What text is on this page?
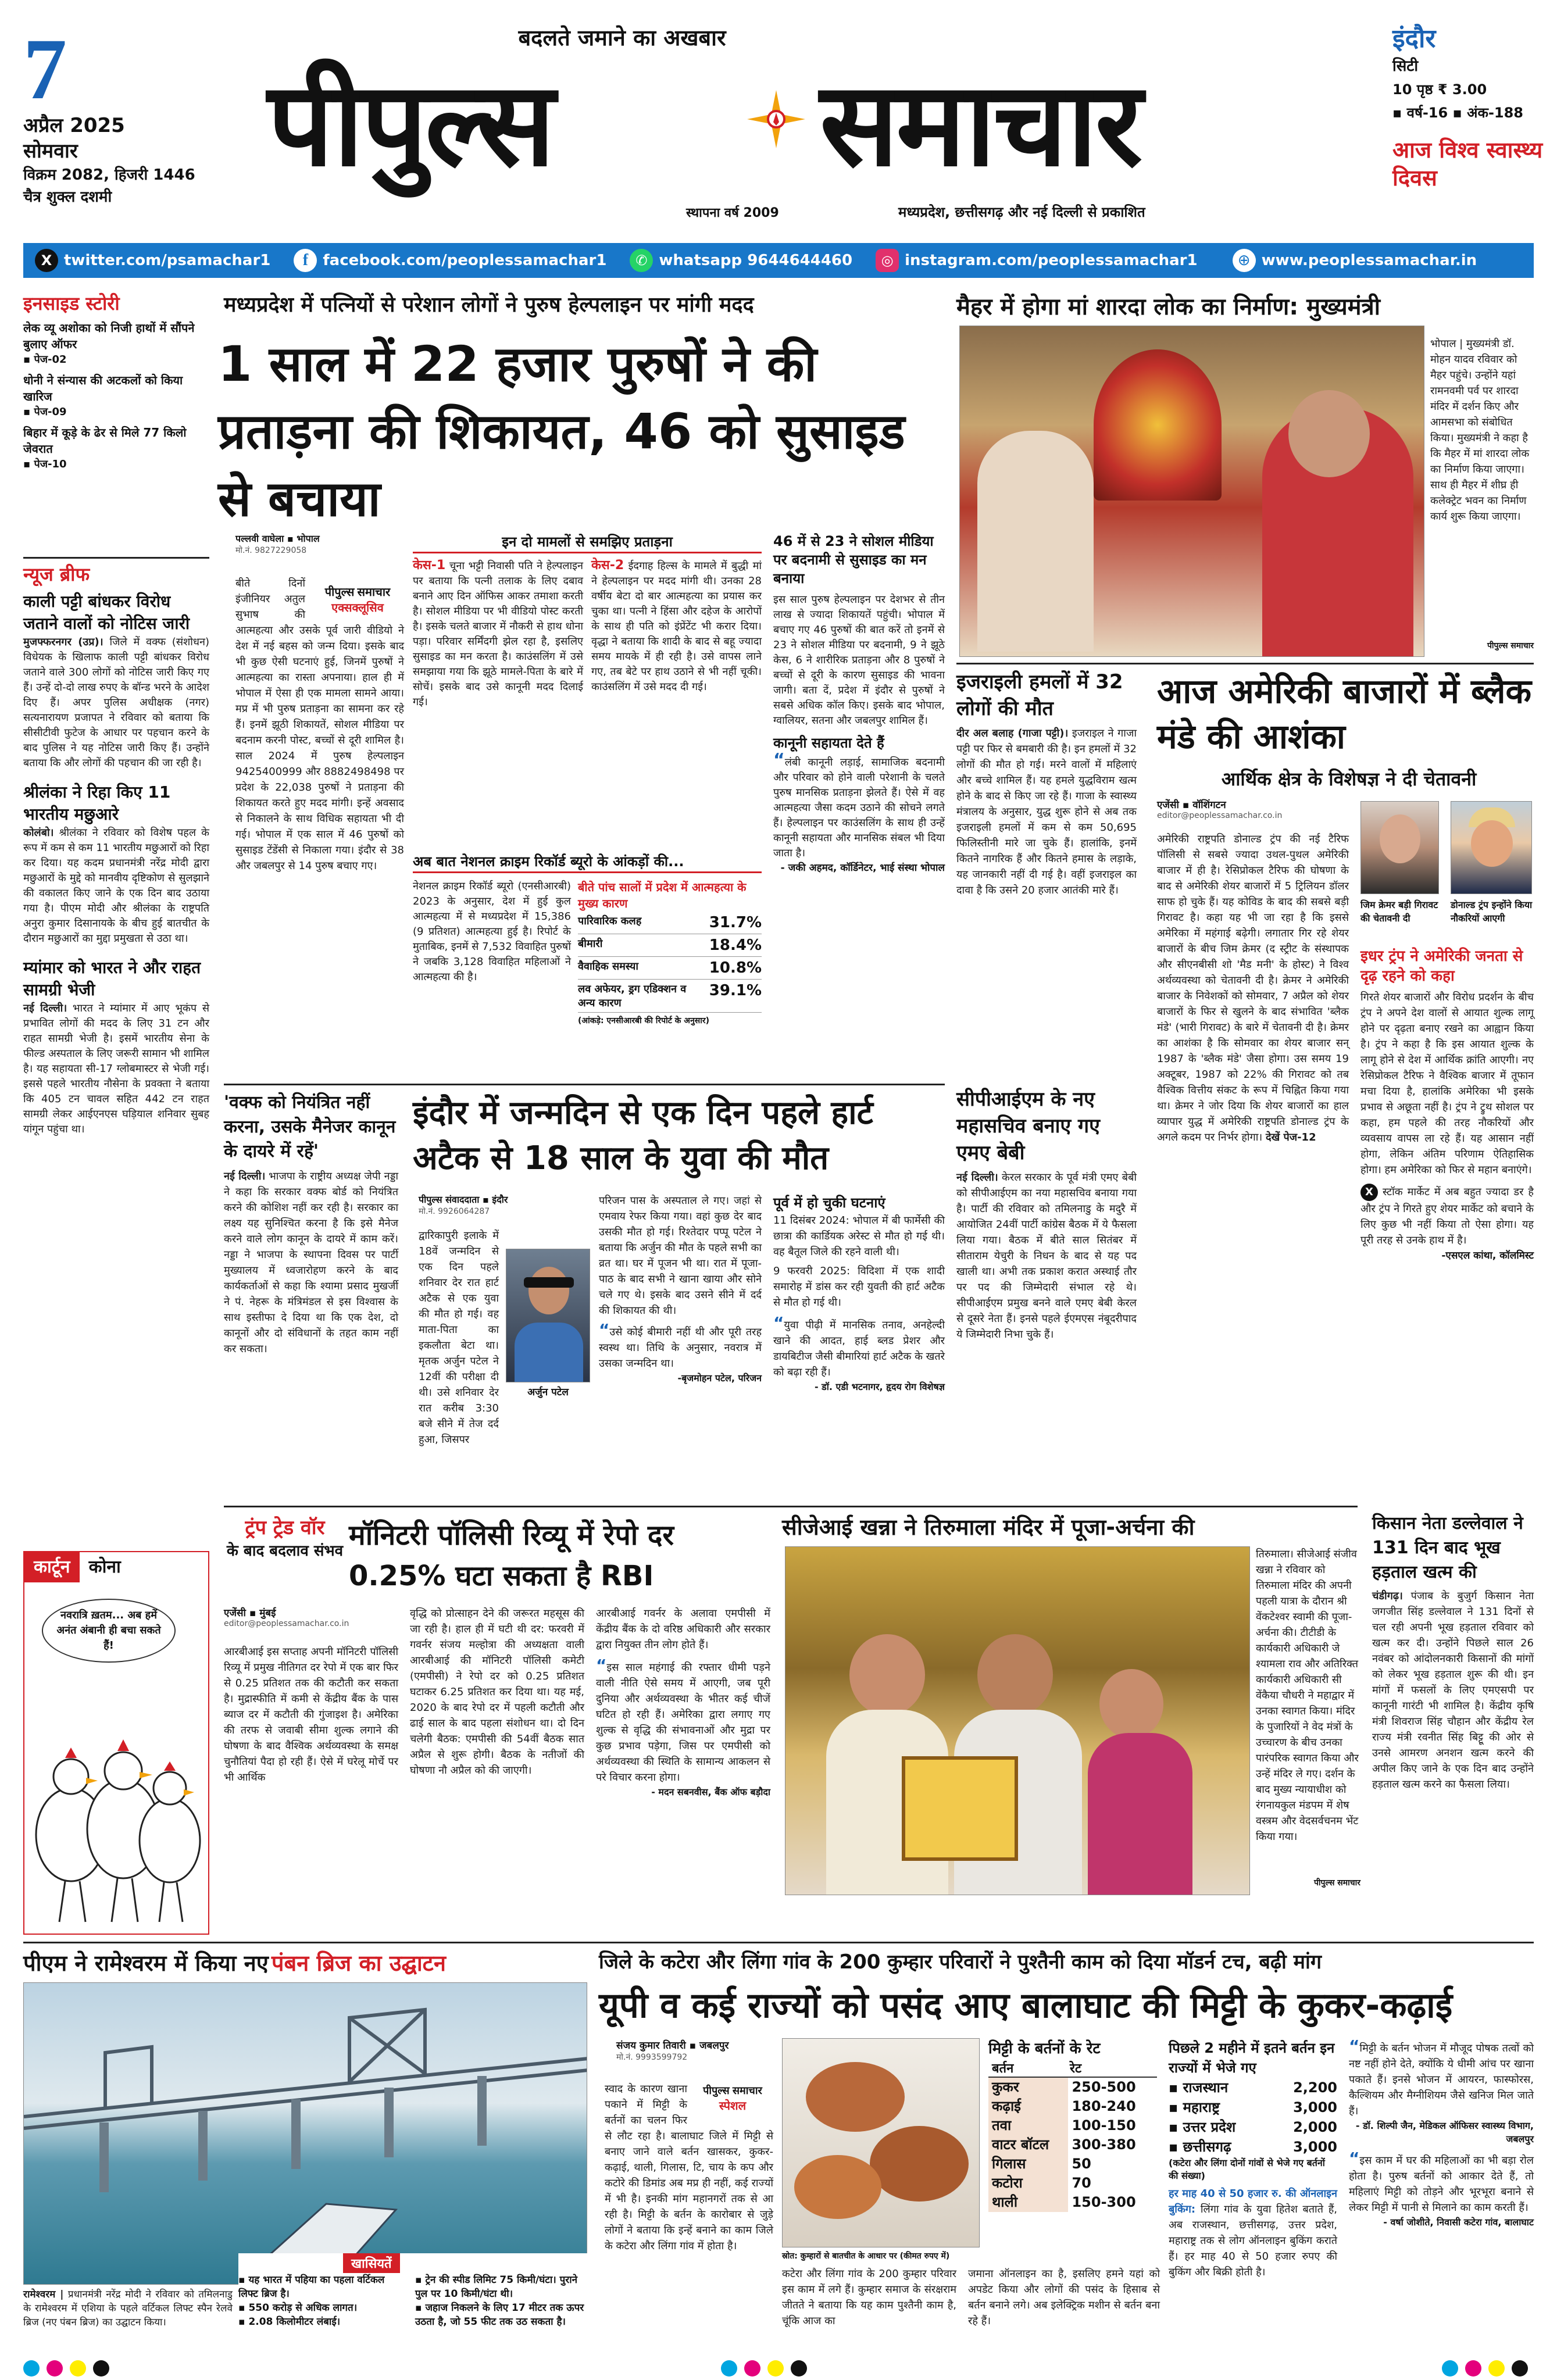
7
अप्रैल 2025
सोमवार
विक्रम 2082, हिजरी 1446
चैत्र शुक्ल दशमी
बदलते जमाने का अखबार
पीपुल्स समाचार
स्थापना वर्ष 2009	मध्यप्रदेश, छत्तीसगढ़ और नई दिल्ली से प्रकाशित
इंदौर
सिटी
10 पृष्ठ ₹ 3.00
▪ वर्ष-16 ▪ अंक-188
आज विश्व स्वास्थ्य दिवस
X twitter.com/psamachar1	f facebook.com/peoplessamachar1	✆ whatsapp 9644644460	◎ instagram.com/peoplessamachar1	⊕ www.peoplessamachar.in
इनसाइड स्टोरी
लेक व्यू अशोका को निजी हाथों में सौंपने बुलाए ऑफर
▪ पेज-02
धोनी ने संन्यास की अटकलों को किया खारिज
▪ पेज-09
बिहार में कूड़े के ढेर से मिले 77 किलो जेवरात
▪ पेज-10
न्यूज ब्रीफ
काली पट्टी बांधकर विरोध जताने वालों को नोटिस जारी

मुजफ्फरनगर (उप्र)। जिले में वक्फ (संशोधन) विधेयक के खिलाफ काली पट्टी बांधकर विरोध जताने वाले 300 लोगों को नोटिस जारी किए गए हैं। उन्हें दो-दो लाख रुपए के बॉन्ड भरने के आदेश दिए हैं। अपर पुलिस अधीक्षक (नगर) सत्यनारायण प्रजापत ने रविवार को बताया कि सीसीटीवी फुटेज के आधार पर पहचान करने के बाद पुलिस ने यह नोटिस जारी किए हैं। उन्होंने बताया कि और लोगों की पहचान की जा रही है।

श्रीलंका ने रिहा किए 11 भारतीय मछुआरे

कोलंबो। श्रीलंका ने रविवार को विशेष पहल के रूप में कम से कम 11 भारतीय मछुआरों को रिहा कर दिया। यह कदम प्रधानमंत्री नरेंद्र मोदी द्वारा मछुआरों के मुद्दे को मानवीय दृष्टिकोण से सुलझाने की वकालत किए जाने के एक दिन बाद उठाया गया है। पीएम मोदी और श्रीलंका के राष्ट्रपति अनुरा कुमार दिसानायके के बीच हुई बातचीत के दौरान मछुआरों का मुद्दा प्रमुखता से उठा था।

म्यांमार को भारत ने और राहत सामग्री भेजी

नई दिल्ली। भारत ने म्यांमार में आए भूकंप से प्रभावित लोगों की मदद के लिए 31 टन और राहत सामग्री भेजी है। इसमें भारतीय सेना के फील्ड अस्पताल के लिए जरूरी सामान भी शामिल है। यह सहायता सी-17 ग्लोबमास्टर से भेजी गई। इससे पहले भारतीय नौसेना के प्रवक्ता ने बताया कि 405 टन चावल सहित 442 टन राहत सामग्री लेकर आईएनएस घड़ियाल शनिवार सुबह यांगून पहुंचा था।

कार्टून	कोना
नवरात्रि ख़तम... अब हमें अनंत अंबानी ही बचा सकते हैं!
मध्यप्रदेश में पत्नियों से परेशान लोगों ने पुरुष हेल्पलाइन पर मांगी मदद
1 साल में 22 हजार पुरुषों ने की प्रताड़ना की शिकायत, 46 को सुसाइड से बचाया
पल्लवी वाघेला ▪ भोपाल
मो.नं. 9827229058
पीपुल्स समाचार
एक्सक्लूसिव

बीते दिनों इंजीनियर अतुल सुभाष की आत्महत्या और उसके पूर्व जारी वीडियो ने देश में नई बहस को जन्म दिया। इसके बाद भी कुछ ऐसी घटनाएं हुई, जिनमें पुरुषों ने आत्महत्या का रास्ता अपनाया। हाल ही में भोपाल में ऐसा ही एक मामला सामने आया। मप्र में भी पुरुष प्रताड़ना का सामना कर रहे हैं। इनमें झूठी शिकायतें, सोशल मीडिया पर बदनाम करनी पोस्ट, बच्चों से दूरी शामिल है। साल 2024 में पुरुष हेल्पलाइन 9425400999 और 8882498498 पर प्रदेश के 22,038 पुरुषों ने प्रताड़ना की शिकायत करते हुए मदद मांगी। इन्हें अवसाद से निकालने के साथ विधिक सहायता भी दी गई। भोपाल में एक साल में 46 पुरुषों को सुसाइड टेंडेंसी से निकाला गया। इंदौर से 38 और जबलपुर से 14 पुरुष बचाए गए।

इन दो मामलों से समझिए प्रताड़ना

केस-1 चूना भट्टी निवासी पति ने हेल्पलाइन पर बताया कि पत्नी तलाक के लिए दबाव बनाने आए दिन ऑफिस आकर तमाशा करती है। सोशल मीडिया पर भी वीडियो पोस्ट करती है। इसके चलते बाजार में नौकरी से हाथ धोना पड़ा। परिवार सर्मिंदगी झेल रहा है, इसलिए सुसाइड का मन करता है। काउंसलिंग में उसे समझाया गया कि झूठे मामले-पिता के बारे में सोचें। इसके बाद उसे कानूनी मदद दिलाई गई।

केस-2 ईदगाह हिल्स के मामले में बुद्धी मां ने हेल्पलाइन पर मदद मांगी थी। उनका 28 वर्षीय बेटा दो बार आत्महत्या का प्रयास कर चुका था। पत्नी ने हिंसा और दहेज के आरोपों के साथ ही पति को इंप्रेंटेंट भी करार दिया। वृद्धा ने बताया कि शादी के बाद से बहू ज्यादा समय मायके में ही रही है। उसे वापस लाने गए, तब बेटे पर हाथ उठाने से भी नहीं चूकी। काउंसलिंग में उसे मदद दी गई।

अब बात नेशनल क्राइम रिकॉर्ड ब्यूरो के आंकड़ों की...

नेशनल क्राइम रिकॉर्ड ब्यूरो (एनसीआरबी) 2023 के अनुसार, देश में हुई कुल आत्महत्या में से मध्यप्रदेश में 15,386 (9 प्रतिशत) आत्महत्या हुई है। रिपोर्ट के मुताबिक, इनमें से 7,532 विवाहित पुरुषों ने जबकि 3,128 विवाहित महिलाओं ने आत्महत्या की है।

बीते पांच सालों में प्रदेश में आत्महत्या के मुख्य कारण
पारिवारिक कलह	31.7%
बीमारी	18.4%
वैवाहिक समस्या	10.8%
लव अफेयर, ड्रग एडिक्शन व अन्य कारण
39.1%
(आंकड़े: एनसीआरबी की रिपोर्ट के अनुसार)
46 में से 23 ने सोशल मीडिया पर बदनामी से सुसाइड का मन बनाया

इस साल पुरुष हेल्पलाइन पर देशभर से तीन लाख से ज्यादा शिकायतें पहुंची। भोपाल में बचाए गए 46 पुरुषों की बात करें तो इनमें से 23 ने सोशल मीडिया पर बदनामी, 9 ने झूठे केस, 6 ने शारीरिक प्रताड़ना और 8 पुरुषों ने बच्चों से दूरी के कारण सुसाइड की भावना जागी। बता दें, प्रदेश में इंदौर से पुरुषों ने सबसे अधिक कॉल किए। इसके बाद भोपाल, ग्वालियर, सतना और जबलपुर शामिल हैं।

कानूनी सहायता देते हैं

“लंबी कानूनी लड़ाई, सामाजिक बदनामी और परिवार को होने वाली परेशानी के चलते पुरुष मानसिक प्रताड़ना झेलते हैं। ऐसे में वह आत्महत्या जैसा कदम उठाने की सोचने लगते हैं। हेल्पलाइन पर काउंसलिंग के साथ ही उन्हें कानूनी सहायता और मानसिक संबल भी दिया जाता है।

- जकी अहमद, कॉर्डिनेटर, भाई संस्था भोपाल
मैहर में होगा मां शारदा लोक का निर्माण: मुख्यमंत्री

भोपाल | मुख्यमंत्री डॉ. मोहन यादव रविवार को मैहर पहुंचे। उन्होंने यहां रामनवमी पर्व पर शारदा मंदिर में दर्शन किए और आमसभा को संबोधित किया। मुख्यमंत्री ने कहा है कि मैहर में मां शारदा लोक का निर्माण किया जाएगा। साथ ही मैहर में शीघ्र ही कलेक्ट्रेट भवन का निर्माण कार्य शुरू किया जाएगा।

पीपुल्स समाचार
इजराइली हमलों में 32 लोगों की मौत

दीर अल बलाह (गाजा पट्टी)। इजराइल ने गाजा पट्टी पर फिर से बमबारी की है। इन हमलों में 32 लोगों की मौत हो गई। मरने वालों में महिलाएं और बच्चे शामिल हैं। यह हमले युद्धविराम खत्म होने के बाद से किए जा रहे हैं। गाजा के स्वास्थ्य मंत्रालय के अनुसार, युद्ध शुरू होने से अब तक इजराइली हमलों में कम से कम 50,695 फिलिस्तीनी मारे जा चुके हैं। हालांकि, इनमें कितने नागरिक हैं और कितने हमास के लड़ाके, यह जानकारी नहीं दी गई है। वहीं इजराइल का दावा है कि उसने 20 हजार आतंकी मारे हैं।

आज अमेरिकी बाजारों में ब्लैक मंडे की आशंका
आर्थिक क्षेत्र के विशेषज्ञ ने दी चेतावनी
एजेंसी ▪ वॉशिंगटन
editor@peoplessamachar.co.in

अमेरिकी राष्ट्रपति डोनाल्ड ट्रंप की नई टैरिफ पॉलिसी से सबसे ज्यादा उथल-पुथल अमेरिकी बाजार में ही है। रेसिप्रोकल टैरिफ की घोषणा के बाद से अमेरिकी शेयर बाजारों में 5 ट्रिलियन डॉलर साफ हो चुके हैं। यह कोविड के बाद की सबसे बड़ी गिरावट है। कहा यह भी जा रहा है कि इससे अमेरिका में महंगाई बढ़ेगी। लगातार गिर रहे शेयर बाजारों के बीच जिम क्रेमर (द स्ट्रीट के संस्थापक और सीएनबीसी शो 'मैड मनी' के होस्ट) ने विश्व अर्थव्यवस्था को चेतावनी दी है। क्रेमर ने अमेरिकी बाजार के निवेशकों को सोमवार, 7 अप्रैल को शेयर बाजारों के फिर से खुलने के बाद संभावित 'ब्लैक मंडे' (भारी गिरावट) के बारे में चेतावनी दी है। क्रेमर का आशंका है कि सोमवार का शेयर बाजार सन् 1987 के 'ब्लैक मंडे' जैसा होगा। उस समय 19 अक्टूबर, 1987 को 22% की गिरावट को तब वैश्विक वित्तीय संकट के रूप में चिह्नित किया गया था। क्रेमर ने जोर दिया कि शेयर बाजारों का हाल व्यापार युद्ध में अमेरिकी राष्ट्रपति डोनाल्ड ट्रंप के अगले कदम पर निर्भर होगा। देखें पेज-12

जिम क्रेमर बड़ी गिरावट की चेतावनी दी
डोनाल्ड ट्रंप इन्होंने किया नौकरियों आएगी
इधर ट्रंप ने अमेरिकी जनता से दृढ़ रहने को कहा

गिरते शेयर बाजारों और विरोध प्रदर्शन के बीच ट्रंप ने अपने देश वालों से आयात शुल्क लागू होने पर दृढ़ता बनाए रखने का आह्वान किया है। ट्रंप ने कहा है कि इस आयात शुल्क के लागू होने से देश में आर्थिक क्रांति आएगी। नए रेसिप्रोकल टैरिफ ने वैश्विक बाजार में तूफान मचा दिया है, हालांकि अमेरिका भी इसके प्रभाव से अछूता नहीं है। ट्रंप ने ट्रुथ सोशल पर कहा, हम पहले की तरह नौकरियों और व्यवसाय वापस ला रहे हैं। यह आसान नहीं होगा, लेकिन अंतिम परिणाम ऐतिहासिक होगा। हम अमेरिका को फिर से महान बनाएंगे।

X स्टॉक मार्केट में अब बहुत ज्यादा डर है और ट्रंप ने गिरते हुए शेयर मार्केट को बचाने के लिए कुछ भी नहीं किया तो ऐसा होगा। यह पूरी तरह से उनके हाथ में है।

-एसएल कांथा, कॉलमिस्ट
सीपीआईएम के नए महासचिव बनाए गए एमए बेबी

नई दिल्ली। केरल सरकार के पूर्व मंत्री एमए बेबी को सीपीआईएम का नया महासचिव बनाया गया है। पार्टी की रविवार को तमिलनाडु के मदुरै में आयोजित 24वीं पार्टी कांग्रेस बैठक में ये फैसला लिया गया। बैठक में बीते साल सितंबर में सीताराम येचुरी के निधन के बाद से यह पद खाली था। अभी तक प्रकाश करात अस्थाई तौर पर पद की जिम्मेदारी संभाल रहे थे। सीपीआईएम प्रमुख बनने वाले एमए बेबी केरल से दूसरे नेता हैं। इनसे पहले ईएमएस नंबूदरीपाद ये जिम्मेदारी निभा चुके हैं।

'वक्फ को नियंत्रित नहीं करना, उसके मैनेजर कानून के दायरे में रहें'

नई दिल्ली। भाजपा के राष्ट्रीय अध्यक्ष जेपी नड्डा ने कहा कि सरकार वक्फ बोर्ड को नियंत्रित करने की कोशिश नहीं कर रही है। सरकार का लक्ष्य यह सुनिश्चित करना है कि इसे मैनेज करने वाले लोग कानून के दायरे में काम करें। नड्डा ने भाजपा के स्थापना दिवस पर पार्टी मुख्यालय में ध्वजारोहण करने के बाद कार्यकर्ताओं से कहा कि श्यामा प्रसाद मुखर्जी ने पं. नेहरू के मंत्रिमंडल से इस विश्वास के साथ इस्तीफा दे दिया था कि एक देश, दो कानूनों और दो संविधानों के तहत काम नहीं कर सकता।

इंदौर में जन्मदिन से एक दिन पहले हार्ट अटैक से 18 साल के युवा की मौत
पीपुल्स संवाददाता ▪ इंदौर
मो.नं. 9926064287

द्वारिकापुरी इलाके में 18वें जन्मदिन से एक दिन पहले शनिवार देर रात हार्ट अटैक से एक युवा की मौत हो गई। वह माता-पिता का इकलौता बेटा था। मृतक अर्जुन पटेल ने 12वीं की परीक्षा दी थी। उसे शनिवार देर रात करीब 3:30 बजे सीने में तेज दर्द हुआ, जिसपर

अर्जुन पटेल

परिजन पास के अस्पताल ले गए। जहां से एमवाय रेफर किया गया। वहां कुछ देर बाद उसकी मौत हो गई। रिश्तेदार पप्पू पटेल ने बताया कि अर्जुन की मौत के पहले सभी का व्रत था। घर में पूजन भी था। रात में पूजा-पाठ के बाद सभी ने खाना खाया और सोने चले गए थे। इसके बाद उसने सीने में दर्द की शिकायत की थी।

“उसे कोई बीमारी नहीं थी और पूरी तरह स्वस्थ था। तिथि के अनुसार, नवरात्र में उसका जन्मदिन था।

-बृजमोहन पटेल, परिजन
पूर्व में हो चुकी घटनाएं

11 दिसंबर 2024: भोपाल में बी फार्मेसी की छात्रा की कार्डियक अरेस्ट से मौत हो गई थी। वह बैतूल जिले की रहने वाली थी।

9 फरवरी 2025: विदिशा में एक शादी समारोह में डांस कर रही युवती की हार्ट अटैक से मौत हो गई थी।

“युवा पीढ़ी में मानसिक तनाव, अनहेल्दी खाने की आदत, हाई ब्लड प्रेशर और डायबिटीज जैसी बीमारियां हार्ट अटैक के खतरे को बढ़ा रही हैं।

- डॉ. एडी भटनागर, हृदय रोग विशेषज्ञ
ट्रंप ट्रेड वॉर
के बाद बदलाव संभव मॉनिटरी पॉलिसी रिव्यू में रेपो दर 0.25% घटा सकता है RBI
एजेंसी ▪ मुंबई
editor@peoplessamachar.co.in

आरबीआई इस सप्ताह अपनी मॉनिटरी पॉलिसी रिव्यू में प्रमुख नीतिगत दर रेपो में एक बार फिर से 0.25 प्रतिशत तक की कटौती कर सकता है। मुद्रास्फीति में कमी से केंद्रीय बैंक के पास ब्याज दर में कटौती की गुंजाइश है। अमेरिका की तरफ से जवाबी सीमा शुल्क लगाने की घोषणा के बाद वैश्विक अर्थव्यवस्था के समक्ष चुनौतियां पैदा हो रही हैं। ऐसे में घरेलू मोर्चे पर भी आर्थिक

वृद्धि को प्रोत्साहन देने की जरूरत महसूस की जा रही है। हाल ही में घटी थी दर: फरवरी में गवर्नर संजय मल्होत्रा की अध्यक्षता वाली आरबीआई की मॉनिटरी पॉलिसी कमेटी (एमपीसी) ने रेपो दर को 0.25 प्रतिशत घटाकर 6.25 प्रतिशत कर दिया था। यह मई, 2020 के बाद रेपो दर में पहली कटौती और ढाई साल के बाद पहला संशोधन था। दो दिन चलेगी बैठक: एमपीसी की 54वीं बैठक सात अप्रैल से शुरू होगी। बैठक के नतीजों की घोषणा नौ अप्रैल को की जाएगी।

आरबीआई गवर्नर के अलावा एमपीसी में केंद्रीय बैंक के दो वरिष्ठ अधिकारी और सरकार द्वारा नियुक्त तीन लोग होते हैं।

“इस साल महंगाई की रफ्तार धीमी पड़ने वाली नीति ऐसे समय में आएगी, जब पूरी दुनिया और अर्थव्यवस्था के भीतर कई चीजें घटित हो रही हैं। अमेरिका द्वारा लगाए गए शुल्क से वृद्धि की संभावनाओं और मुद्रा पर कुछ प्रभाव पड़ेगा, जिस पर एमपीसी को अर्थव्यवस्था की स्थिति के सामान्य आकलन से परे विचार करना होगा।

- मदन सबनवीस, बैंक ऑफ बड़ौदा
सीजेआई खन्ना ने तिरुमाला मंदिर में पूजा-अर्चना की

तिरुमाला। सीजेआई संजीव खन्ना ने रविवार को तिरुमाला मंदिर की अपनी पहली यात्रा के दौरान श्री वेंकटेश्वर स्वामी की पूजा-अर्चना की। टीटीडी के कार्यकारी अधिकारी जे श्यामला राव और अतिरिक्त कार्यकारी अधिकारी सी वेंकैया चौधरी ने महाद्वार में उनका स्वागत किया। मंदिर के पुजारियों ने वेद मंत्रों के उच्चारण के बीच उनका पारंपरिक स्वागत किया और उन्हें मंदिर ले गए। दर्शन के बाद मुख्य न्यायाधीश को रंगनायकुल मंडपम में शेष वस्त्रम और वेदसर्वचनम भेंट किया गया।

पीपुल्स समाचार
किसान नेता डल्लेवाल ने 131 दिन बाद भूख हड़ताल खत्म की

चंडीगढ़। पंजाब के बुजुर्ग किसान नेता जगजीत सिंह डल्लेवाल ने 131 दिनों से चल रही अपनी भूख हड़ताल रविवार को खत्म कर दी। उन्होंने पिछले साल 26 नवंबर को आंदोलनकारी किसानों की मांगों को लेकर भूख हड़ताल शुरू की थी। इन मांगों में फसलों के लिए एमएसपी पर कानूनी गारंटी भी शामिल है। केंद्रीय कृषि मंत्री शिवराज सिंह चौहान और केंद्रीय रेल राज्य मंत्री रवनीत सिंह बिट्टू की ओर से उनसे आमरण अनशन खत्म करने की अपील किए जाने के एक दिन बाद उन्होंने हड़ताल खत्म करने का फैसला लिया।

पीएम ने रामेश्वरम में किया नए पंबन ब्रिज का उद्घाटन

रामेश्वरम | प्रधानमंत्री नरेंद्र मोदी ने रविवार को तमिलनाडु के रामेश्वरम में एशिया के पहले वर्टिकल लिफ्ट स्पैन रेलवे ब्रिज (नए पंबन ब्रिज) का उद्घाटन किया।

खासियतें
▪ यह भारत में पहिया का पहला वर्टिकल लिफ्ट ब्रिज है।
▪ 550 करोड़ से अधिक लागत।
▪ 2.08 किलोमीटर लंबाई।
▪ ट्रेन की स्पीड लिमिट 75 किमी/घंटा। पुराने पुल पर 10 किमी/घंटा थी।
▪ जहाज निकलने के लिए 17 मीटर तक ऊपर उठता है, जो 55 फीट तक उठ सकता है।
जिले के कटेरा और लिंगा गांव के 200 कुम्हार परिवारों ने पुश्तैनी काम को दिया मॉडर्न टच, बढ़ी मांग
यूपी व कई राज्यों को पसंद आए बालाघाट की मिट्टी के कुकर-कढ़ाई
संजय कुमार तिवारी ▪ जबलपुर
मो.नं. 9993599792
पीपुल्स समाचार
स्पेशल

स्वाद के कारण खाना पकाने में मिट्टी के बर्तनों का चलन फिर से लौट रहा है। बालाघाट जिले में मिट्टी से बनाए जाने वाले बर्तन खासकर, कुकर-कढ़ाई, थाली, गिलास, टि, चाय के कप और कटोरे की डिमांड अब मप्र ही नहीं, कई राज्यों में भी है। इनकी मांग महानगरों तक से आ रही है। मिट्टी के बर्तन के कारोबार से जुड़े लोगों ने बताया कि इन्हें बनाने का काम जिले के कटेरा और लिंगा गांव में होता है।

स्रोत: कुम्हारों से बातचीत के आधार पर (कीमत रुपए में)
मिट्टी के बर्तनों के रेट
बर्तन	रेट
कुकर	250-500
कढ़ाई	180-240
तवा	100-150
वाटर बॉटल	300-380
गिलास	50
कटोरा	70
थाली	150-300
पिछले 2 महीने में इतने बर्तन इन राज्यों में भेजे गए
▪ राजस्थान	2,200
▪ महाराष्ट्र	3,000
▪ उत्तर प्रदेश	2,000
▪ छत्तीसगढ़	3,000
(कटेरा और लिंगा दोनों गांवों से भेजे गए बर्तनों की संख्या)

हर माह 40 से 50 हजार रु. की ऑनलाइन बुकिंग: लिंगा गांव के युवा हितेश बताते हैं, अब राजस्थान, छत्तीसगढ़, उत्तर प्रदेश, महाराष्ट्र तक से लोग ऑनलाइन बुकिंग कराते हैं। हर माह 40 से 50 हजार रुपए की बुकिंग और बिक्री होती है।

कटेरा और लिंगा गांव के 200 कुम्हार परिवार इस काम में लगे हैं। कुम्हार समाज के संरक्षराम जीतते ने बताया कि यह काम पुश्तैनी काम है, चूंकि आज का

जमाना ऑनलाइन का है, इसलिए हमने यहां को अपडेट किया और लोगों की पसंद के हिसाब से बर्तन बनाने लगे। अब इलेक्ट्रिक मशीन से बर्तन बना रहे हैं।

“मिट्टी के बर्तन भोजन में मौजूद पोषक तत्वों को नष्ट नहीं होने देते, क्योंकि ये धीमी आंच पर खाना पकाते हैं। इनसे भोजन में आयरन, फास्फोरस, कैल्शियम और मैग्नीशियम जैसे खनिज मिल जाते हैं।

- डॉ. शिल्पी जैन, मेडिकल ऑफिसर स्वास्थ्य विभाग, जबलपुर

“इस काम में घर की महिलाओं का भी बड़ा रोल होता है। पुरुष बर्तनों को आकार देते हैं, तो महिलाएं मिट्टी को तोड़ने और भूरभूरा बनाने से लेकर मिट्टी में पानी से मिलाने का काम करती हैं।

- वर्षा जोशीते, निवासी कटेरा गांव, बालाघाट
